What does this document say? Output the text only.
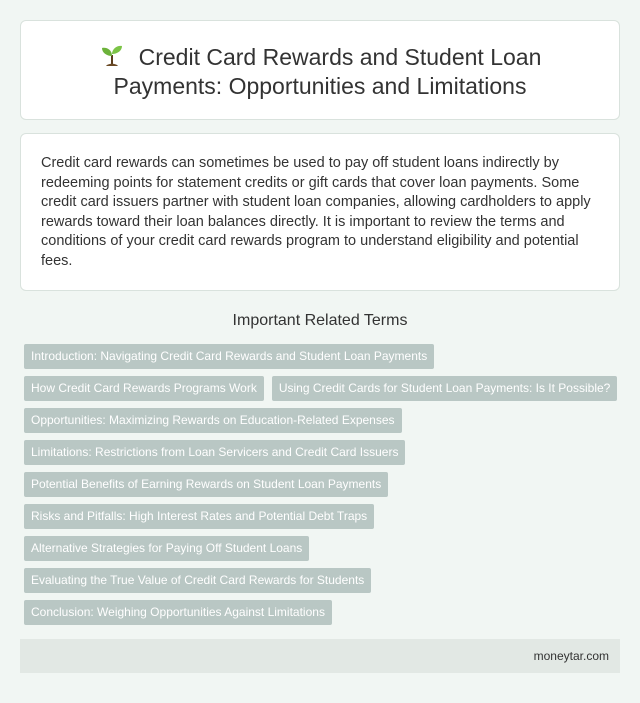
Credit Card Rewards and Student Loan Payments: Opportunities and Limitations

Credit card rewards can sometimes be used to pay off student loans indirectly by redeeming points for statement credits or gift cards that cover loan payments. Some credit card issuers partner with student loan companies, allowing cardholders to apply rewards toward their loan balances directly. It is important to review the terms and conditions of your credit card rewards program to understand eligibility and potential fees.

Important Related Terms
Introduction: Navigating Credit Card Rewards and Student Loan Payments
How Credit Card Rewards Programs Work	Using Credit Cards for Student Loan Payments: Is It Possible?
Opportunities: Maximizing Rewards on Education-Related Expenses
Limitations: Restrictions from Loan Servicers and Credit Card Issuers
Potential Benefits of Earning Rewards on Student Loan Payments
Risks and Pitfalls: High Interest Rates and Potential Debt Traps
Alternative Strategies for Paying Off Student Loans
Evaluating the True Value of Credit Card Rewards for Students
Conclusion: Weighing Opportunities Against Limitations
moneytar.com
